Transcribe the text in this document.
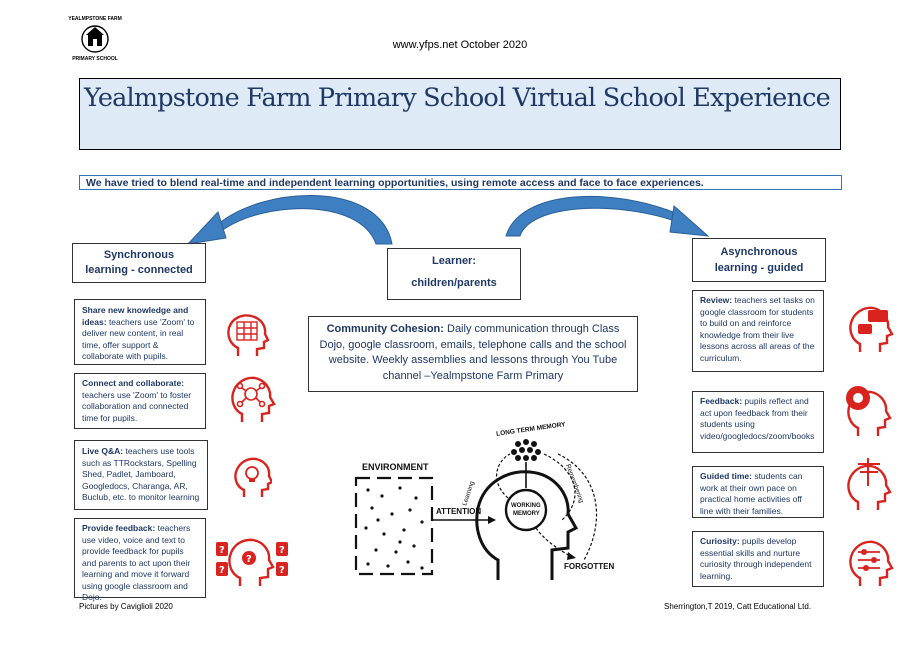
YEALMPSTONE FARM
PRIMARY SCHOOL
www.yfps.net October 2020
Yealmpstone Farm Primary School Virtual School Experience
We have tried to blend real-time and independent learning opportunities, using remote access and face to face experiences.
Synchronous learning - connected
Learner:
children/parents
Asynchronous learning - guided
Share new knowledge and ideas: teachers use 'Zoom' to deliver new content, in real time, offer support & collaborate with pupils.
Connect and collaborate: teachers use 'Zoom' to foster collaboration and connected time for pupils.
Live Q&A: teachers use tools such as TTRockstars, Spelling Shed, Padlet, Jamboard, Googledocs, Charanga, AR, Buclub, etc. to monitor learning
Provide feedback: teachers use video, voice and text to provide feedback for pupils and parents to act upon their learning and move it forward using google classroom and Dojo.
Community Cohesion: Daily communication through Class Dojo, google classroom, emails, telephone calls and the school website. Weekly assemblies and lessons through You Tube channel –Yealmpstone Farm Primary
Review: teachers set tasks on google classroom for students to build on and reinforce knowledge from their live lessons across all areas of the curriculum.
Feedback: pupils reflect and act upon feedback from their students using video/googledocs/zoom/books
Guided time: students can work at their own pace on practical home activities off line with their families.
Curiosity: pupils develop essential skills and nurture curiosity through independent learning.
?	?
?	?
?
ENVIRONMENT
ATTENTION
WORKING
MEMORY
LONG TERM MEMORY
Learning	Remembering
FORGOTTEN
Pictures by Caviglioli 2020	Sherrington,T 2019, Catt Educational Ltd.
